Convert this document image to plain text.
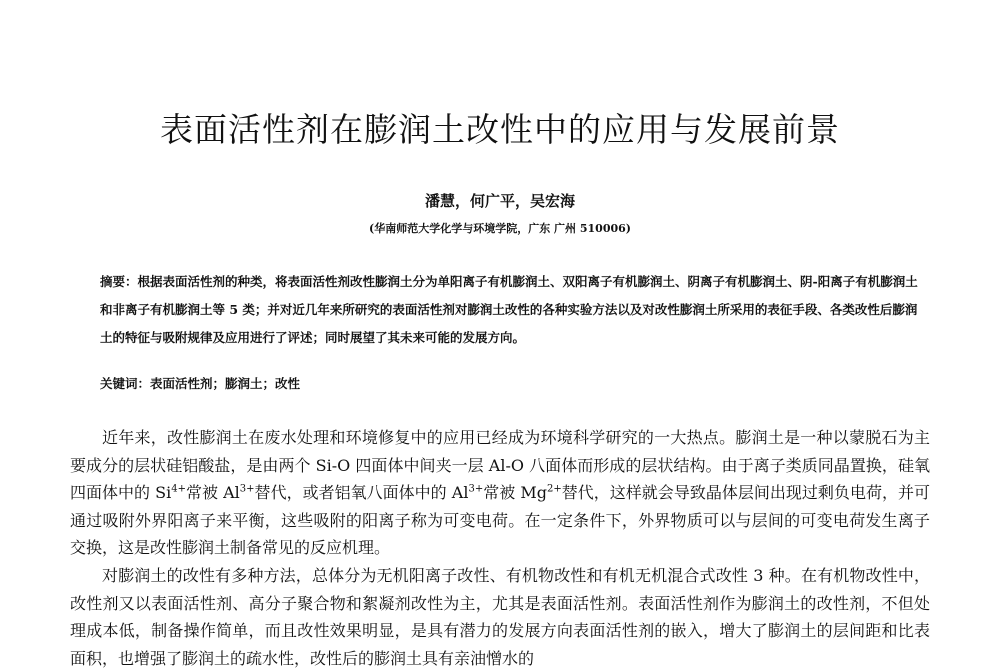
表面活性剂在膨润土改性中的应用与发展前景
潘慧，何广平，吴宏海
(华南师范大学化学与环境学院，广东 广州 510006)
摘要：根据表面活性剂的种类，将表面活性剂改性膨润土分为单阳离子有机膨润土、双阳离子有机膨润土、阴离子有机膨润土、阴-阳离子有机膨润土和非离子有机膨润土等 5 类；并对近几年来所研究的表面活性剂对膨润土改性的各种实验方法以及对改性膨润土所采用的表征手段、各类改性后膨润土的特征与吸附规律及应用进行了评述；同时展望了其未来可能的发展方向。
关键词：表面活性剂；膨润土；改性

近年来，改性膨润土在废水处理和环境修复中的应用已经成为环境科学研究的一大热点。膨润土是一种以蒙脱石为主要成分的层状硅铝酸盐，是由两个 Si-O 四面体中间夹一层 Al-O 八面体而形成的层状结构。由于离子类质同晶置换，硅氧四面体中的 $Si^{4+}$常被 $Al^{3+}$替代，或者铝氧八面体中的 $Al^{3+}$常被 $Mg^{2+}$替代，这样就会导致晶体层间出现过剩负电荷，并可通过吸附外界阳离子来平衡，这些吸附的阳离子称为可变电荷。在一定条件下，外界物质可以与层间的可变电荷发生离子交换，这是改性膨润土制备常见的反应机理。

对膨润土的改性有多种方法，总体分为无机阳离子改性、有机物改性和有机无机混合式改性 3 种。在有机物改性中，改性剂又以表面活性剂、高分子聚合物和絮凝剂改性为主，尤其是表面活性剂。表面活性剂作为膨润土的改性剂，不但处理成本低，制备操作简单，而且改性效果明显，是具有潜力的发展方向表面活性剂的嵌入，增大了膨润土的层间距和比表面积，也增强了膨润土的疏水性，改性后的膨润土具有亲油憎水的
